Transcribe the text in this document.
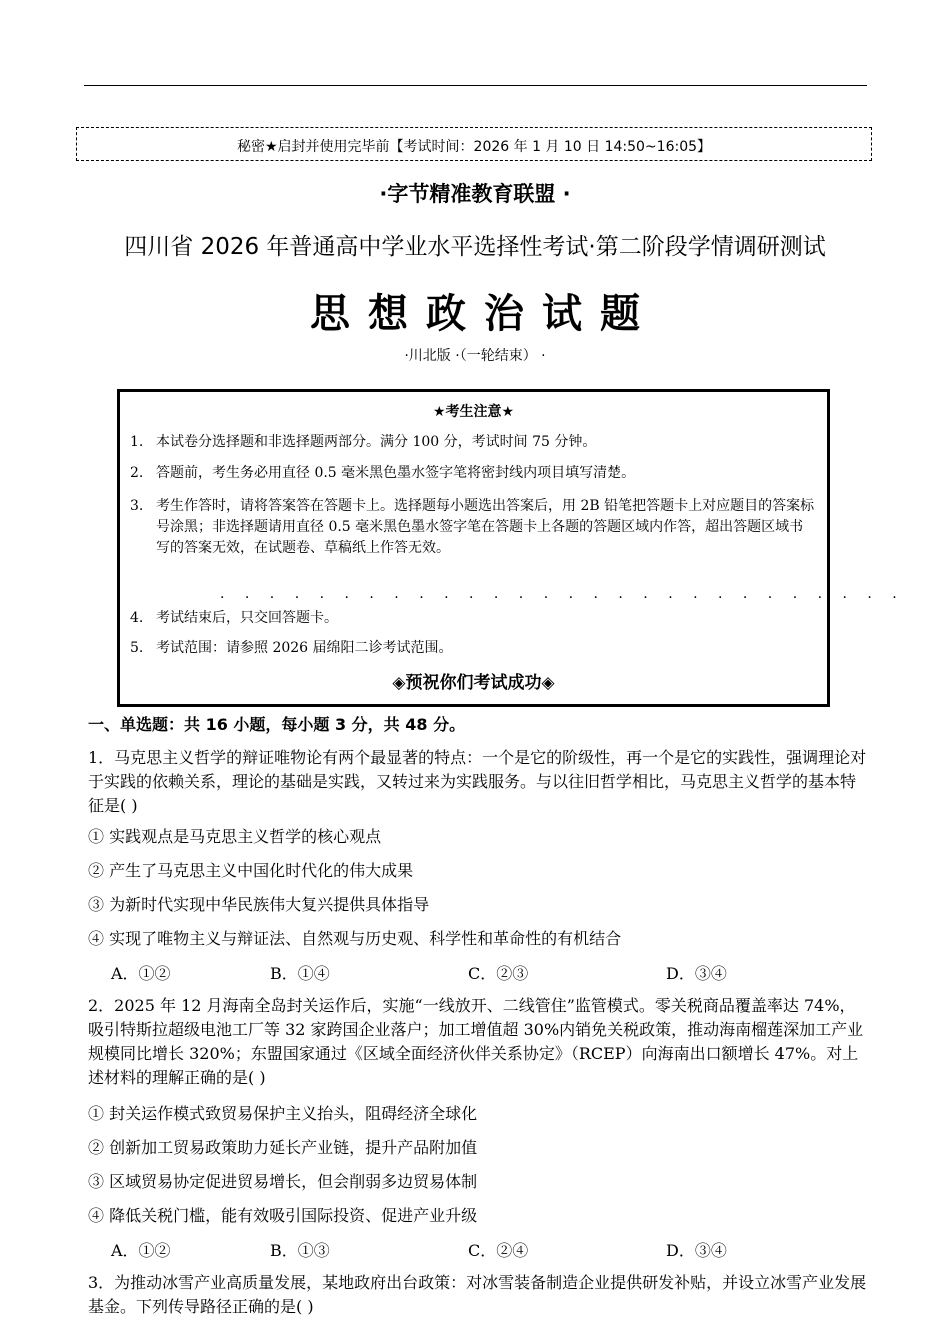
秘密★启封并使用完毕前【考试时间：2026 年 1 月 10 日 14:50~16:05】
·字节精准教育联盟 ·
四川省 2026 年普通高中学业水平选择性考试·第二阶段学情调研测试
思想政治试题
·川北版 ·（一轮结束） ·
★考生注意★
1. 本试卷分选择题和非选择题两部分。满分 100 分，考试时间 75 分钟。
2. 答题前，考生务必用直径 0.5 毫米黑色墨水签字笔将密封线内项目填写清楚。
3. 考生作答时，请将答案答在答题卡上。选择题每小题选出答案后，用 2B 铅笔把答题卡上对应题目的答案标号涂黑；非选择题请用直径 0.5 毫米黑色墨水签字笔在答题卡上各题的答题区域内作答，超出答题区域书写的答案无效，在试题卷、草稿纸上作答无效。
4. 考试结束后，只交回答题卡。
5. 考试范围：请参照 2026 届绵阳二诊考试范围。
◈预祝你们考试成功◈
. . . . . . . . . . . . . . . . . . . . . . . . . . . .
一、单选题：共 16 小题，每小题 3 分，共 48 分。
1．马克思主义哲学的辩证唯物论有两个最显著的特点：一个是它的阶级性，再一个是它的实践性，强调理论对于实践的依赖关系，理论的基础是实践，又转过来为实践服务。与以往旧哲学相比，马克思主义哲学的基本特征是( )
① 实践观点是马克思主义哲学的核心观点
② 产生了马克思主义中国化时代化的伟大成果
③ 为新时代实现中华民族伟大复兴提供具体指导
④ 实现了唯物主义与辩证法、自然观与历史观、科学性和革命性的有机结合
A．①②	B．①④	C．②③	D．③④
2．2025 年 12 月海南全岛封关运作后，实施“一线放开、二线管住”监管模式。零关税商品覆盖率达 74%，吸引特斯拉超级电池工厂等 32 家跨国企业落户；加工增值超 30%内销免关税政策，推动海南榴莲深加工产业规模同比增长 320%；东盟国家通过《区域全面经济伙伴关系协定》（RCEP）向海南出口额增长 47%。对上述材料的理解正确的是( )
① 封关运作模式致贸易保护主义抬头，阻碍经济全球化
② 创新加工贸易政策助力延长产业链，提升产品附加值
③ 区域贸易协定促进贸易增长，但会削弱多边贸易体制
④ 降低关税门槛，能有效吸引国际投资、促进产业升级
A．①②	B．①③	C．②④	D．③④
3．为推动冰雪产业高质量发展，某地政府出台政策：对冰雪装备制造企业提供研发补贴，并设立冰雪产业发展基金。下列传导路径正确的是( )
